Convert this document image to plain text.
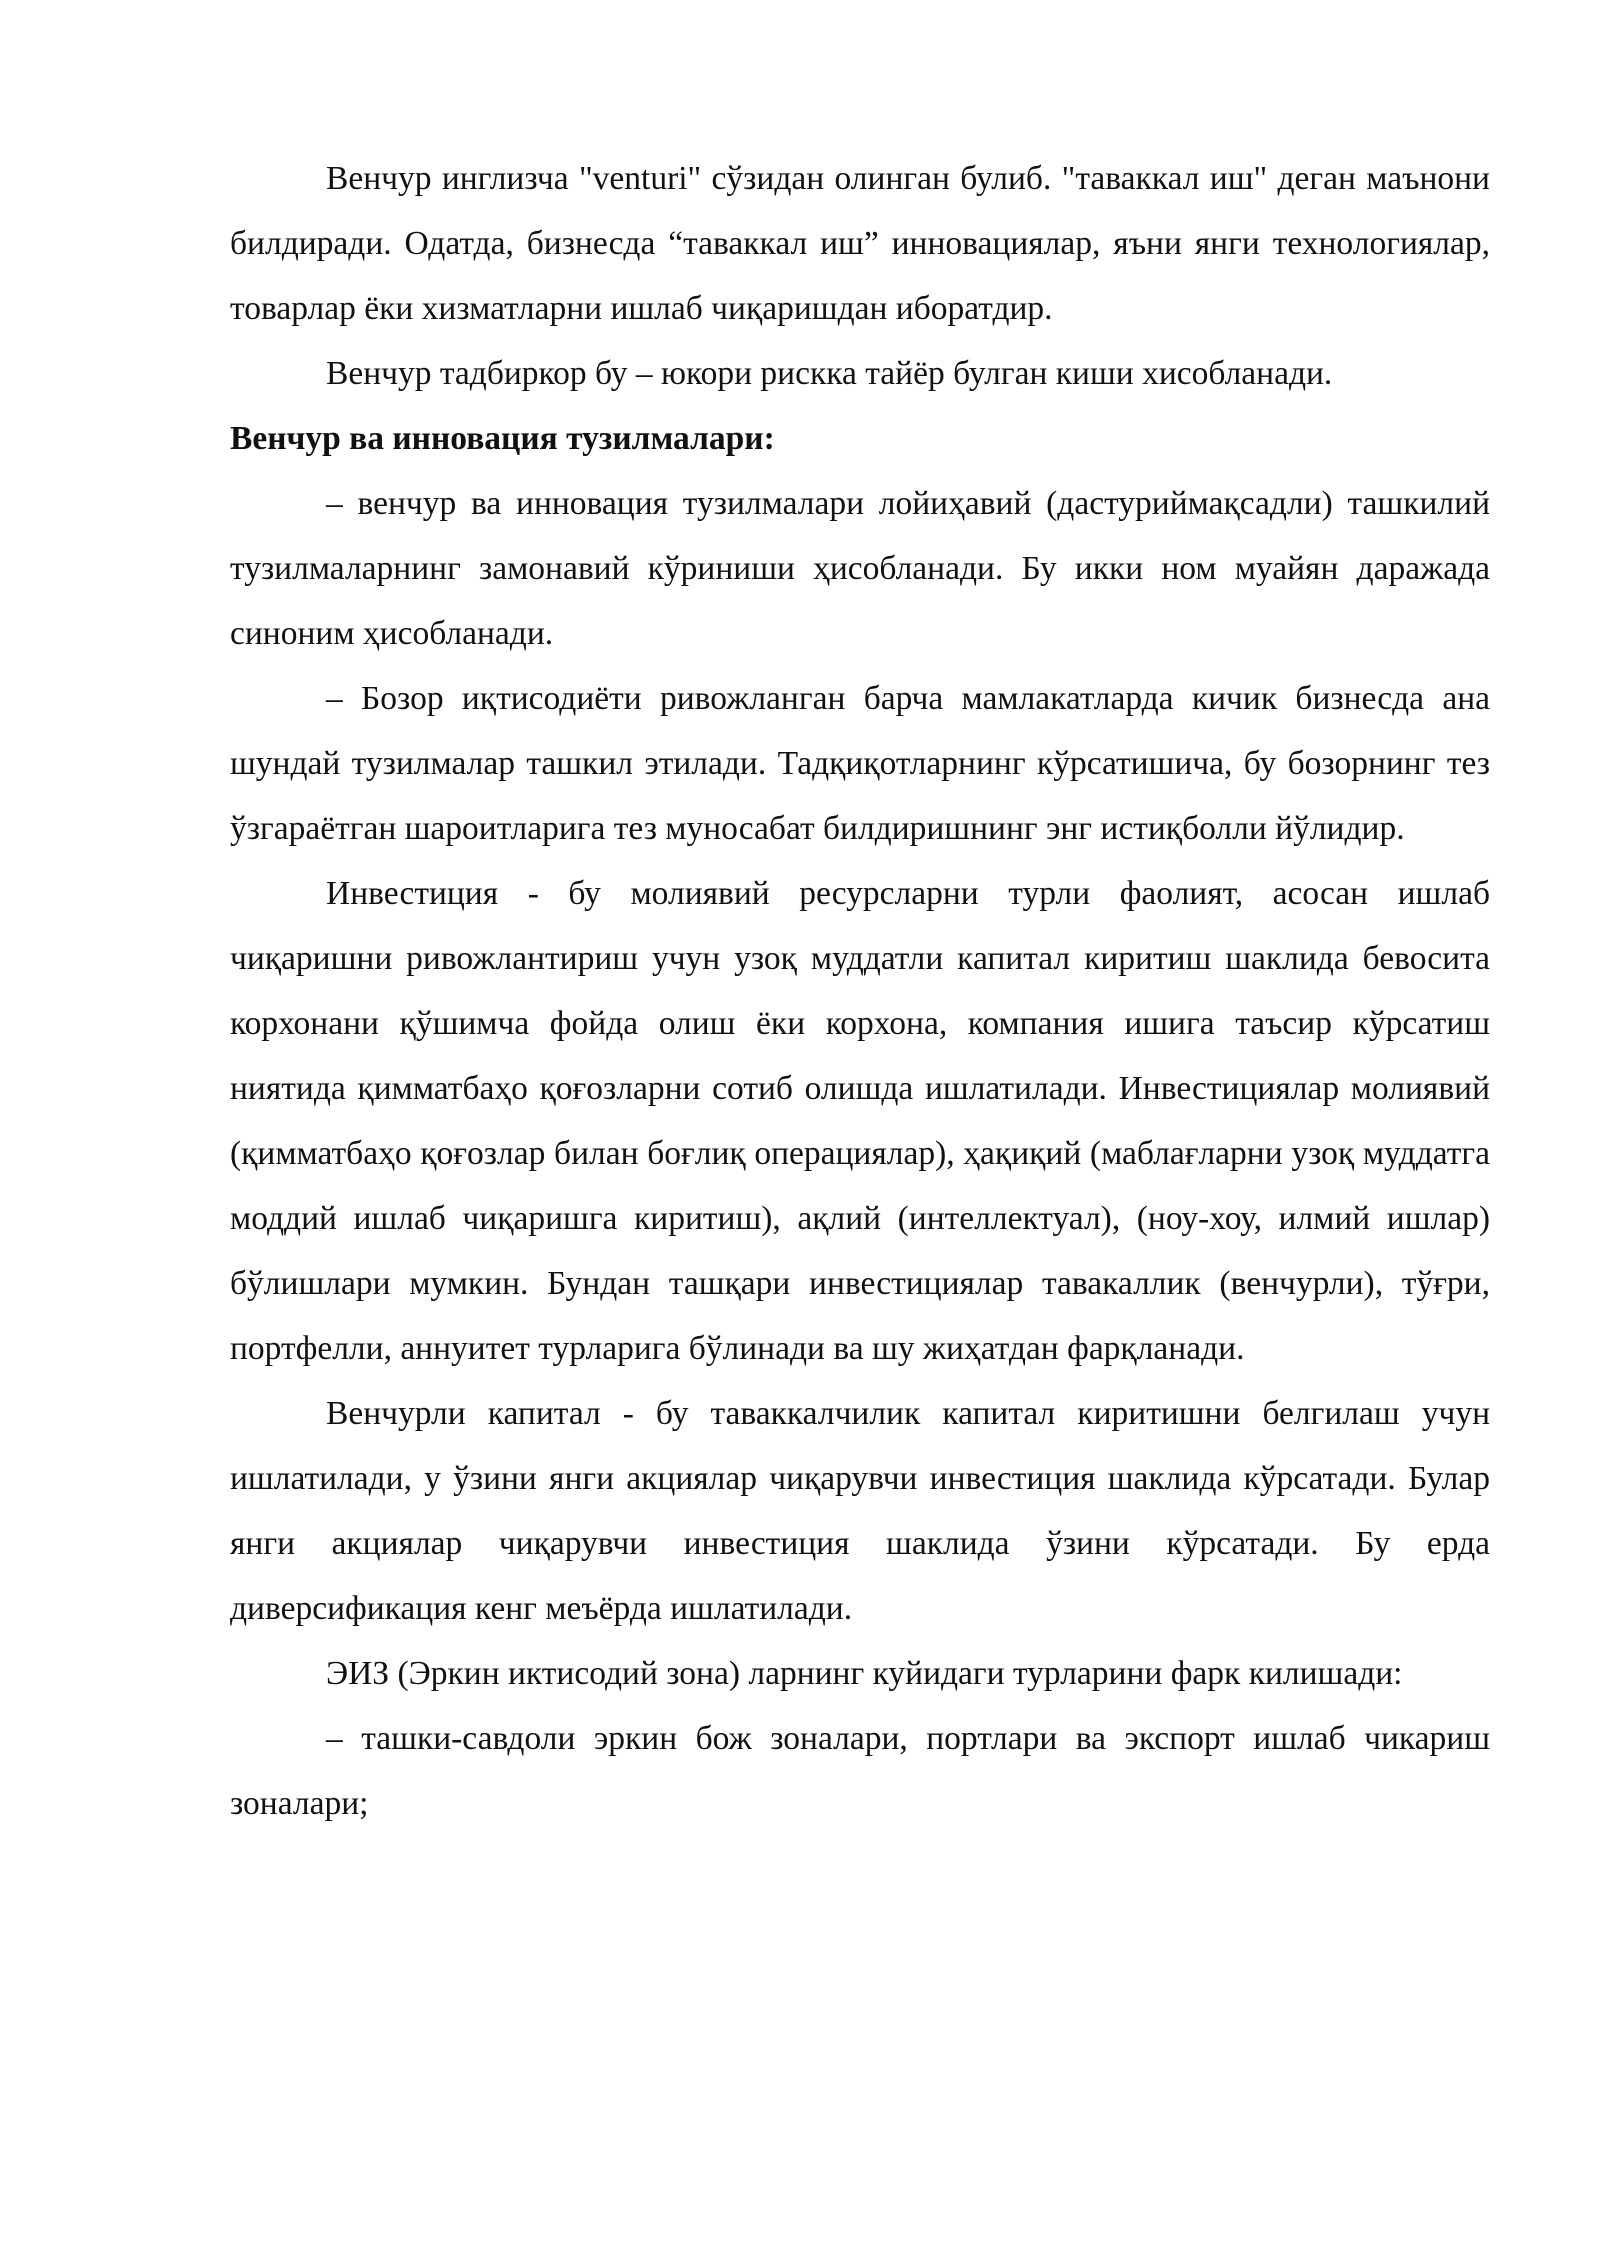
Венчур инглизча "venturi" сўзидан олинган булиб. "таваккал иш" деган маънони билдиради. Одатда, бизнесда “таваккал иш” инновациялар, яъни янги технологиялар, товарлар ёки хизматларни ишлаб чиқаришдан иборатдир.

Венчур тадбиркор бу – юкори рискка тайёр булган киши хисобланади.

Венчур ва инновация тузилмалари:

– венчур ва инновация тузилмалари лойиҳавий (дастуриймақсадли) ташкилий тузилмаларнинг замонавий кўриниши ҳисобланади. Бу икки ном муайян даражада синоним ҳисобланади.

– Бозор иқтисодиёти ривожланган барча мамлакатларда кичик бизнесда ана шундай тузилмалар ташкил этилади. Тадқиқотларнинг кўрсатишича, бу бозорнинг тез ўзгараётган шароитларига тез муносабат билдиришнинг энг истиқболли йўлидир.

Инвестиция - бу молиявий ресурсларни турли фаолият, асосан ишлаб чиқаришни ривожлантириш учун узоқ муддатли капитал киритиш шаклида бевосита корхонани қўшимча фойда олиш ёки корхона, компания ишига таъсир кўрсатиш ниятида қимматбаҳо қоғозларни сотиб олишда ишлатилади. Инвестициялар молиявий (қимматбаҳо қоғозлар билан боғлиқ операциялар), ҳақиқий (маблағларни узоқ муддатга моддий ишлаб чиқаришга киритиш), ақлий (интеллектуал), (ноу-хоу, илмий ишлар) бўлишлари мумкин. Бундан ташқари инвестициялар тавакаллик (венчурли), тўғри, портфелли, аннуитет турларига бўлинади ва шу жиҳатдан фарқланади.

Венчурли капитал - бу таваккалчилик капитал киритишни белгилаш учун ишлатилади, у ўзини янги акциялар чиқарувчи инвестиция шаклида кўрсатади. Булар янги акциялар чиқарувчи инвестиция шаклида ўзини кўрсатади. Бу ерда диверсификация кенг меъёрда ишлатилади.

ЭИЗ (Эркин иктисодий зона) ларнинг куйидаги турларини фарк килишади:

– ташки-савдоли эркин бож зоналари, портлари ва экспорт ишлаб чикариш зоналари;
